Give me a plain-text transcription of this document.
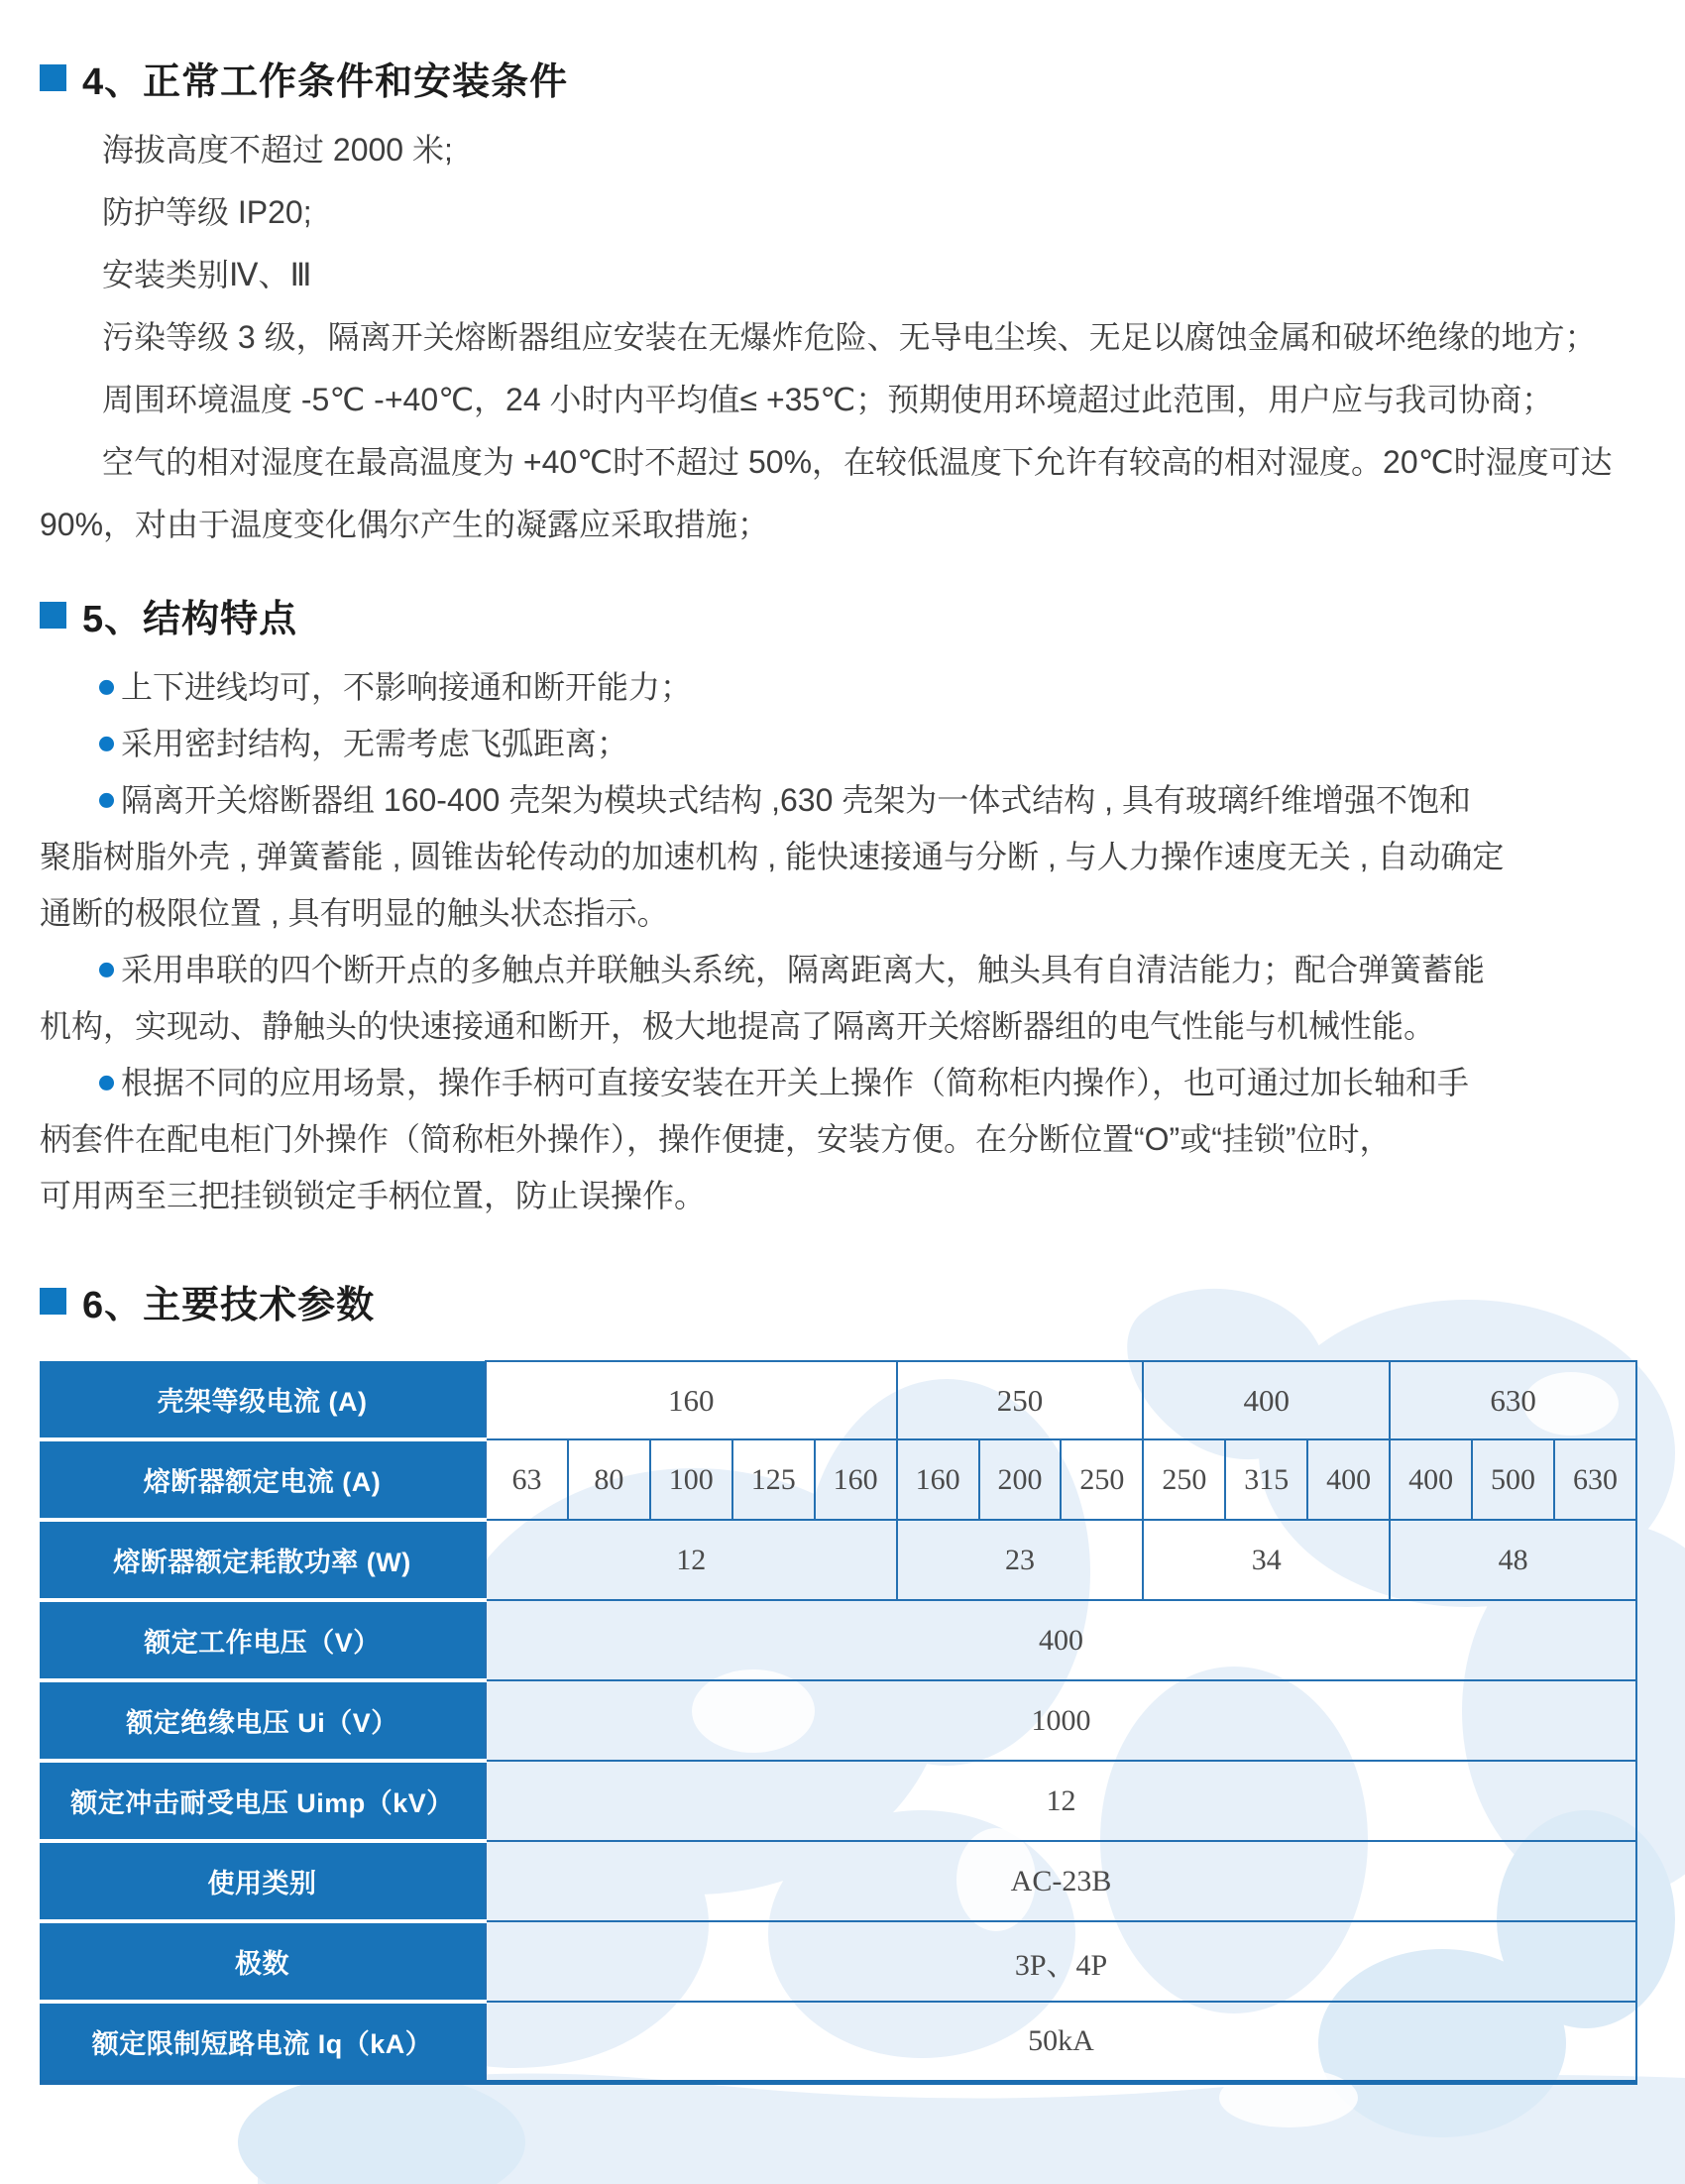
4、正常工作条件和安装条件
海拔高度不超过 2000 米;
防护等级 IP20;
安装类别Ⅳ、Ⅲ
污染等级 3 级，隔离开关熔断器组应安装在无爆炸危险、无导电尘埃、无足以腐蚀金属和破坏绝缘的地方；
周围环境温度 -5℃ -+40℃，24 小时内平均值≤ +35℃；预期使用环境超过此范围，用户应与我司协商；
空气的相对湿度在最高温度为 +40℃时不超过 50%，在较低温度下允许有较高的相对湿度。20℃时湿度可达
90%，对由于温度变化偶尔产生的凝露应采取措施；
5、结构特点
上下进线均可，不影响接通和断开能力；
采用密封结构，无需考虑飞弧距离；
隔离开关熔断器组 160-400 壳架为模块式结构 ,630 壳架为一体式结构 , 具有玻璃纤维增强不饱和
聚脂树脂外壳 , 弹簧蓄能 , 圆锥齿轮传动的加速机构 , 能快速接通与分断 , 与人力操作速度无关 , 自动确定
通断的极限位置 , 具有明显的触头状态指示。
采用串联的四个断开点的多触点并联触头系统，隔离距离大，触头具有自清洁能力；配合弹簧蓄能
机构，实现动、静触头的快速接通和断开，极大地提高了隔离开关熔断器组的电气性能与机械性能。
根据不同的应用场景，操作手柄可直接安装在开关上操作（简称柜内操作），也可通过加长轴和手
柄套件在配电柜门外操作（简称柜外操作），操作便捷，安装方便。在分断位置“O”或“挂锁”位时，
可用两至三把挂锁锁定手柄位置，防止误操作。
6、主要技术参数
壳架等级电流 (A)	160					250			400			630		
熔断器额定电流 (A)	63	80	100	125	160	160	200	250	250	315	400	400	500	630
熔断器额定耗散功率 (W)	12					23			34			48		
额定工作电压（V）	400													
额定绝缘电压 Ui（V）	1000													
额定冲击耐受电压 Uimp（kV）	12													
使用类别	AC-23B													
极数	3P、4P													
额定限制短路电流 Iq（kA）	50kA													
